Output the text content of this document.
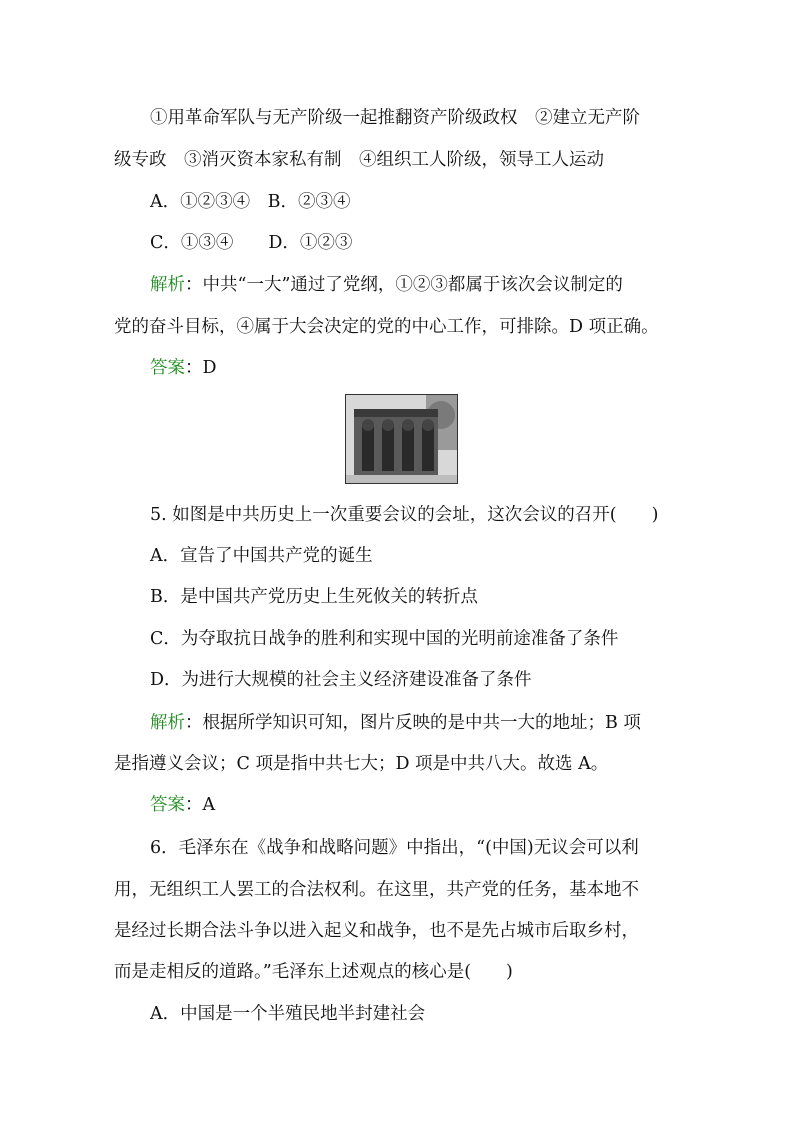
①用革命军队与无产阶级一起推翻资产阶级政权　②建立无产阶
级专政　③消灭资本家私有制　④组织工人阶级，领导工人运动
A．①②③④　B．②③④
C．①③④　　D．①②③
解析：中共“一大”通过了党纲，①②③都属于该次会议制定的
党的奋斗目标，④属于大会决定的党的中心工作，可排除。D 项正确。
答案：D
5. 如图是中共历史上一次重要会议的会址，这次会议的召开(　　)
A．宣告了中国共产党的诞生
B．是中国共产党历史上生死攸关的转折点
C．为夺取抗日战争的胜利和实现中国的光明前途准备了条件
D．为进行大规模的社会主义经济建设准备了条件
解析：根据所学知识可知，图片反映的是中共一大的地址；B 项
是指遵义会议；C 项是指中共七大；D 项是中共八大。故选 A。
答案：A
6．毛泽东在《战争和战略问题》中指出，“(中国)无议会可以利
用，无组织工人罢工的合法权利。在这里，共产党的任务，基本地不
是经过长期合法斗争以进入起义和战争，也不是先占城市后取乡村，
而是走相反的道路。”毛泽东上述观点的核心是(　　)
A．中国是一个半殖民地半封建社会
